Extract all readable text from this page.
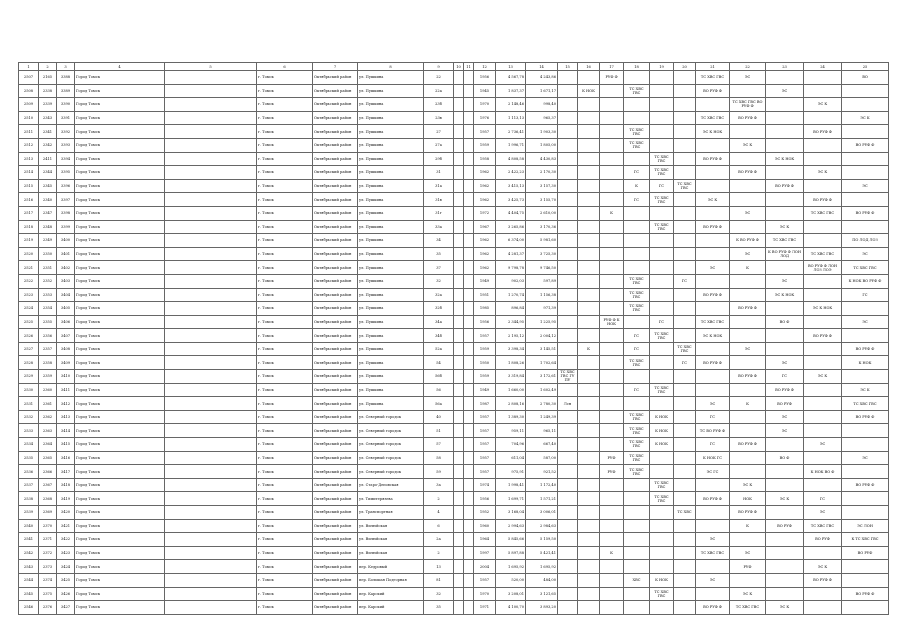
1	2	3	4	5	6	7	8	9	10	11	12	13	14	15	16	17	18	19	20	21	22	23	24	25
2507	2165	3388	Город Томск		г. Томск	Октябрьский район	ул. Пушкина	22			1956	4 567,78	4 243,86			РУФ Ф				ТС ХВС ГВС	ЭС			ВО
2508	2338	3389	Город Томск		г. Томск	Октябрьский район	ул. Пушкина	22а			1945	1 837,37	1 671,17		К НОК		ТС ХВС ГВС			ВО РУФ Ф		ЭС		
2509	2339	3390	Город Томск		г. Томск	Октябрьский район	ул. Пушкина	23б			1970	2 148,46	998,40								ТС ХВС ГВС ВО РУФ Ф		ЭС К	
2510	2343	3391	Город Томск		г. Томск	Октябрьский район	ул. Пушкина	23в			1976	1 113,13	965,37							ТС ХВС ГВС	ВО РУФ Ф			ЭС К
2511	2341	3392	Город Томск		г. Томск	Октябрьский район	ул. Пушкина	27			1957	2 736,41	1 903,30				ТС ХВС ГВС			ЭС К НОК			ВО РУФ Ф	
2512	2342	3393	Город Томск		г. Томск	Октябрьский район	ул. Пушкина	27а			1959	1 996,71	1 805,00				ТС ХВС ГВС				ЭС К			ВО РУФ Ф
2513	2411	3394	Город Томск		г. Томск	Октябрьский район	ул. Пушкина	29б			1958	4 808,58	4 430,83					ТС ХВС ГВС		ВО РУФ Ф		ЭС К НОК		
2514	2344	3395	Город Томск		г. Томск	Октябрьский район	ул. Пушкина	31			1962	2 422,23	2 170,30				ГС	ТС ХВС ГВС			ВО РУФ Ф		ЭС К	
2515	2345	3396	Город Томск		г. Томск	Октябрьский район	ул. Пушкина	31а			1962	3 415,13	3 157,30				К	ГС	ТС ХВС ГВС			ВО РУФ Ф		ЭС
2516	2340	3397	Город Томск		г. Томск	Октябрьский район	ул. Пушкина	31в			1962	3 425,73	3 155,70				ГС	ТС ХВС ГВС		ЭС К			ВО РУФ Ф	
2517	2347	3398	Город Томск		г. Томск	Октябрьский район	ул. Пушкина	31г			1972	4 404,75	2 610,00			К					ЭС		ТС ХВС ГВС	ВО РУФ Ф
2518	2348	3399	Город Томск		г. Томск	Октябрьский район	ул. Пушкина	33а			1967	3 265,86	3 170,36					ТС ХВС ГВС		ВО РУФ Ф		ЭС К		
2519	2349	3400	Город Томск		г. Томск	Октябрьский район	ул. Пушкина	34			1962	6 374,00	5 981,60								К ВО РУФ Ф	ТС ХВС ГВС		ПО ЛОД ЛОЗ
2520	2350	3401	Город Томск		г. Томск	Октябрьский район	ул. Пушкина	35			1962	4 281,37	3 725,30								ЭС	К ВО РУФ Ф ЛОН ЛОД	ТС ХВС ГВС	ЭС
2521	2351	3402	Город Томск		г. Томск	Октябрьский район	ул. Пушкина	37			1962	9 798,78	9 746,50							ЭС	К		ВО РУФ Ф ЛОН ЛОЗ ЛОЭ	ТС ХВС ГВС
2522	2352	3403	Город Томск		г. Томск	Октябрьский район	ул. Пушкина	32			1949	902,03	597,89				ТС ХВС ГВС		ГС			ЭС		К НОК ВО РУФ Ф
2523	2353	3404	Город Томск		г. Томск	Октябрьский район	ул. Пушкина	32а			1951	1 270,74	1 156,38				ТС ХВС ГВС			ВО РУФ Ф		ЭС К НОК		ГС
2524	2354	3405	Город Томск		г. Томск	Октябрьский район	ул. Пушкина	32б			1985	896,84	971,39				ТС ХВС ГВС				ВО РУФ Ф		ЭС К НОК	
2525	2355	3406	Город Томск		г. Томск	Октябрьский район	ул. Пушкина	34а			1956	2 344,95	1 225,95			РУФ Ф К НОК		ГС		ТС ХВС ГВС		ВО Ф		ЭС
2526	2356	3407	Город Томск		г. Томск	Октябрьский район	ул. Пушкина	34б			1957	2 195,12	2 004,12				ГС	ТС ХВС ГВС		ЭС К НОК			ВО РУФ Ф	
2527	2357	3408	Город Томск		г. Томск	Октябрьский район	ул. Пушкина	52а			1959	3 398,34	3 145,51		К		ГС		ТС ХВС ГВС		ЭС			ВО РУФ Ф
2528	2358	3409	Город Томск		г. Томск	Октябрьский район	ул. Пушкина	54			1950	1 808,26	1 702,64				ТС ХВС ГВС		ГС	ВО РУФ Ф		ЭС		К НОК
2529	2359	3410	Город Томск		г. Томск	Октябрьский район	ул. Пушкина	56б			1959	3 319,84	3 172,61	ТС ХВС ГВС ГУ ПУ							ВО РУФ Ф	ГС	ЭС К	
2530	2360	3411	Город Томск		г. Томск	Октябрьский район	ул. Пушкина	56			1949	1 660,00	1 602,49				ГС	ТС ХВС ГВС				ВО РУФ Ф		ЭС К
2531	2361	3412	Город Томск		г. Томск	Октябрьский район	ул. Пушкина	56а			1987	2 808,16	2 780,30	Лсн						ЭС	К	ВО РУФ		ТС ХВС ГВС
2532	2362	3413	Город Томск		г. Томск	Октябрьский район	ул. Северный городок	40			1957	1 389,30	1 249,39				ТС ХВС ГВС	К НОК		ГС		ЭС		ВО РУФ Ф
2533	2363	3414	Город Томск		г. Томск	Октябрьский район	ул. Северный городок	51			1957	959,11	965,11				ТС ХВС ГВС	К НОК		ТС ВО РУФ Ф		ЭС		
2534	2364	3415	Город Томск		г. Томск	Октябрьский район	ул. Северный городок	57			1957	704,96	667,40				ТС ХВС ГВС	К НОК		ГС	ВО РУФ Ф		ЭС	
2535	2365	3416	Город Томск		г. Томск	Октябрьский район	ул. Северный городок	58			1957	611,04	587,00			РУФ	ТС ХВС ГВС			К НОК ГС		ВО Ф		ЭС
2536	2366	3417	Город Томск		г. Томск	Октябрьский район	ул. Северный городок	59			1957	975,91	921,52			РУФ	ТС ХВС ГВС			ЭС ГС			К НОК ВО Ф	
2537	2367	3418	Город Томск		г. Томск	Октябрьский район	ул. Старо-Деповская	3а			1974	1 998,41	1 172,40					ТС ХВС ГВС			ЭС К			ВО РУФ Ф
2538	2368	3419	Город Томск		г. Томск	Октябрьский район	ул. Тимитерязева	2			1956	1 699,71	1 571,21					ТС ХВС ГВС		ВО РУФ Ф	НОК	ЭС К	ГС	
2539	2369	3420	Город Томск		г. Томск	Октябрьский район	ул. Транспортная	4			1952	3 168,04	3 006,01						ТС ХВС		ВО РУФ Ф		ЭС	
2540	2370	3421	Город Томск		г. Томск	Октябрьский район	ул. Вилюйская	6			1960	2 994,63	2 984,63								К	ВО РУФ	ТС ХВС ГВС	ЭС ЛОН
2541	2371	3422	Город Томск		г. Томск	Октябрьский район	ул. Вилюйская	2а			1964	5 845,66	5 159,50							ЭС			ВО РУФ	К ТС ХВС ГВС
2542	2372	3423	Город Томск		г. Томск	Октябрьский район	ул. Вилюйская	2			1997	5 897,88	5 421,41			К				ТС ХВС ГВС	ЭС			ВО РУФ
2543	2373	3424	Город Томск		г. Томск	Октябрьский район	пер. Кедровый	13			2004	1 695,92	1 695,92								РУФ		ЭС К	
2544	2374	3425	Город Томск		г. Томск	Октябрьский район	пер. Большая Подгорная	81			1957	520,00	484,00				ХВС	К НОК		ЭС			ВО РУФ Ф	
2545	2375	3426	Город Томск		г. Томск	Октябрьский район	пер. Карский	32			1970	3 208,01	3 121,65					ТС ХВС ГВС			ЭС К			ВО РУФ Ф
2546	2376	3427	Город Томск		г. Томск	Октябрьский район	пер. Карский	35			1971	4 100,70	3 893,20							ВО РУФ Ф	ТС ХВС ГВС	ЭС К		
